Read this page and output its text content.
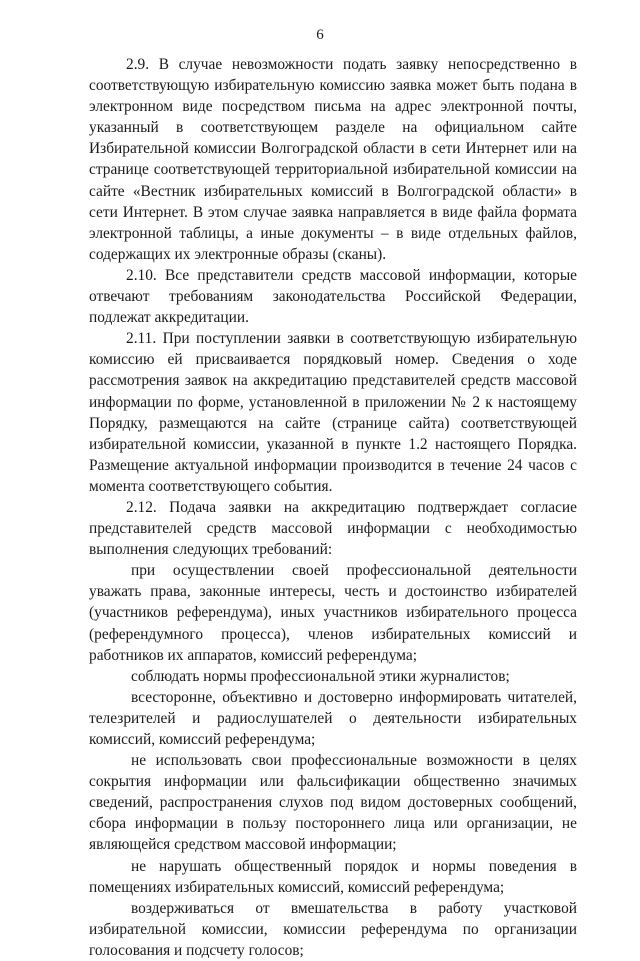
6

2.9. В случае невозможности подать заявку непосредственно в соответствующую избирательную комиссию заявка может быть подана в электронном виде посредством письма на адрес электронной почты, указанный в соответствующем разделе на официальном сайте Избирательной комиссии Волгоградской области в сети Интернет или на странице соответствующей территориальной избирательной комиссии на сайте «Вестник избирательных комиссий в Волгоградской области» в сети Интернет. В этом случае заявка направляется в виде файла формата электронной таблицы, а иные документы – в виде отдельных файлов, содержащих их электронные образы (сканы).

2.10. Все представители средств массовой информации, которые отвечают требованиям законодательства Российской Федерации, подлежат аккредитации.

2.11. При поступлении заявки в соответствующую избирательную комиссию ей присваивается порядковый номер. Сведения о ходе рассмотрения заявок на аккредитацию представителей средств массовой информации по форме, установленной в приложении № 2 к настоящему Порядку, размещаются на сайте (странице сайта) соответствующей избирательной комиссии, указанной в пункте 1.2 настоящего Порядка. Размещение актуальной информации производится в течение 24 часов с момента соответствующего события.

2.12. Подача заявки на аккредитацию подтверждает согласие представителей средств массовой информации с необходимостью выполнения следующих требований:

при осуществлении своей профессиональной деятельности уважать права, законные интересы, честь и достоинство избирателей (участников референдума), иных участников избирательного процесса (референдумного процесса), членов избирательных комиссий и работников их аппаратов, комиссий референдума;

соблюдать нормы профессиональной этики журналистов;

всесторонне, объективно и достоверно информировать читателей, телезрителей и радиослушателей о деятельности избирательных комиссий, комиссий референдума;

не использовать свои профессиональные возможности в целях сокрытия информации или фальсификации общественно значимых сведений, распространения слухов под видом достоверных сообщений, сбора информации в пользу постороннего лица или организации, не являющейся средством массовой информации;

не нарушать общественный порядок и нормы поведения в помещениях избирательных комиссий, комиссий референдума;

воздерживаться от вмешательства в работу участковой избирательной комиссии, комиссии референдума по организации голосования и подсчету голосов;
